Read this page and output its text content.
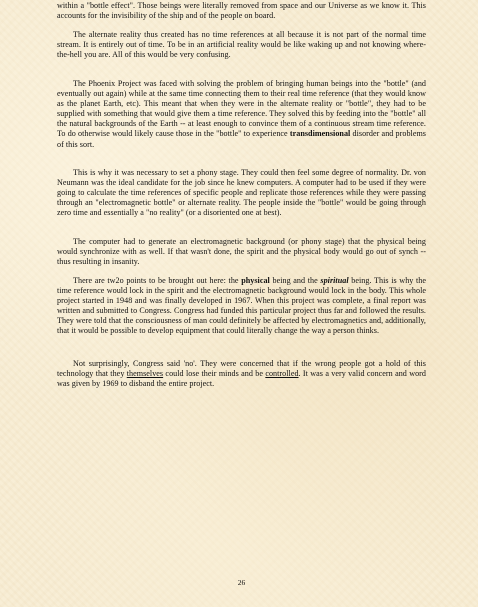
within a "bottle effect". Those beings were literally removed from space and our Universe as we know it. This accounts for the invisibility of the ship and of the people on board.

The alternate reality thus created has no time references at all because it is not part of the normal time stream. It is entirely out of time. To be in an artificial reality would be like waking up and not knowing where-the-hell you are. All of this would be very confusing.

The Phoenix Project was faced with solving the problem of bringing human beings into the "bottle" (and eventually out again) while at the same time connecting them to their real time reference (that they would know as the planet Earth, etc). This meant that when they were in the alternate reality or "bottle", they had to be supplied with something that would give them a time reference. They solved this by feeding into the "bottle" all the natural backgrounds of the Earth -- at least enough to convince them of a continuous stream time reference. To do otherwise would likely cause those in the "bottle" to experience transdimensional disorder and problems of this sort.

This is why it was necessary to set a phony stage. They could then feel some degree of normality. Dr. von Neumann was the ideal candidate for the job since he knew computers. A computer had to be used if they were going to calculate the time references of specific people and replicate those references while they were passing through an "electromagnetic bottle" or alternate reality. The people inside the "bottle" would be going through zero time and essentially a "no reality" (or a disoriented one at best).

The computer had to generate an electromagnetic background (or phony stage) that the physical being would synchronize with as well. If that wasn't done, the spirit and the physical body would go out of synch -- thus resulting in insanity.

There are tw2o points to be brought out here: the physical being and the spiritual being. This is why the time reference would lock in the spirit and the electromagnetic background would lock in the body. This whole project started in 1948 and was finally developed in 1967. When this project was complete, a final report was written and submitted to Congress. Congress had funded this particular project thus far and followed the results. They were told that the consciousness of man could definitely be affected by electromagnetics and, additionally, that it would be possible to develop equipment that could literally change the way a person thinks.

Not surprisingly, Congress said 'no'. They were concerned that if the wrong people got a hold of this technology that they themselves could lose their minds and be controlled. It was a very valid concern and word was given by 1969 to disband the entire project.

26
